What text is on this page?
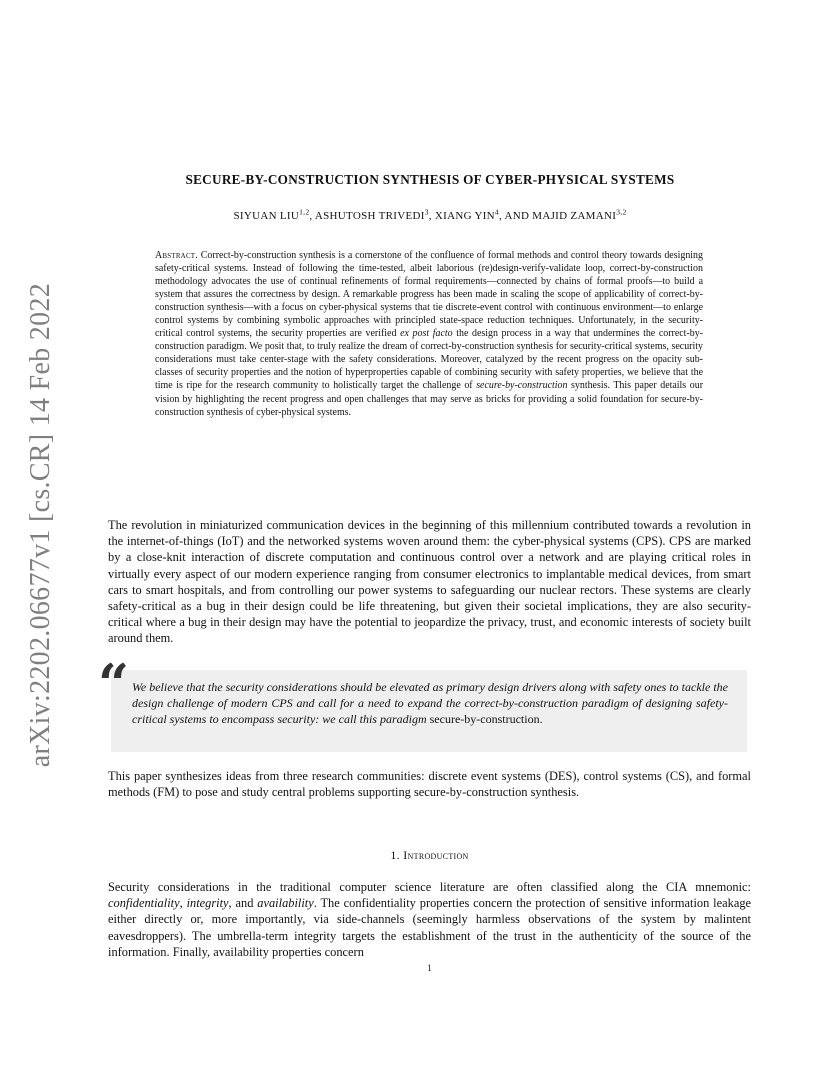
arXiv:2202.06677v1 [cs.CR] 14 Feb 2022
SECURE-BY-CONSTRUCTION SYNTHESIS OF CYBER-PHYSICAL SYSTEMS
SIYUAN LIU$^{1,2}$, ASHUTOSH TRIVEDI$^3$, XIANG YIN$^4$, AND MAJID ZAMANI$^{3,2}$
Abstract. Correct-by-construction synthesis is a cornerstone of the confluence of formal methods and control theory towards designing safety-critical systems. Instead of following the time-tested, albeit laborious (re)design-verify-validate loop, correct-by-construction methodology advocates the use of continual refinements of formal requirements—connected by chains of formal proofs—to build a system that assures the correctness by design. A remarkable progress has been made in scaling the scope of applicability of correct-by-construction synthesis—with a focus on cyber-physical systems that tie discrete-event control with continuous environment—to enlarge control systems by combining symbolic approaches with principled state-space reduction techniques. Unfortunately, in the security-critical control systems, the security properties are verified ex post facto the design process in a way that undermines the correct-by-construction paradigm. We posit that, to truly realize the dream of correct-by-construction synthesis for security-critical systems, security considerations must take center-stage with the safety considerations. Moreover, catalyzed by the recent progress on the opacity sub-classes of security properties and the notion of hyperproperties capable of combining security with safety properties, we believe that the time is ripe for the research community to holistically target the challenge of secure-by-construction synthesis. This paper details our vision by highlighting the recent progress and open challenges that may serve as bricks for providing a solid foundation for secure-by-construction synthesis of cyber-physical systems.
The revolution in miniaturized communication devices in the beginning of this millennium contributed towards a revolution in the internet-of-things (IoT) and the networked systems woven around them: the cyber-physical systems (CPS). CPS are marked by a close-knit interaction of discrete computation and continuous control over a network and are playing critical roles in virtually every aspect of our modern experience ranging from consumer electronics to implantable medical devices, from smart cars to smart hospitals, and from controlling our power systems to safeguarding our nuclear rectors. These systems are clearly safety-critical as a bug in their design could be life threatening, but given their societal implications, they are also security-critical where a bug in their design may have the potential to jeopardize the privacy, trust, and economic interests of society built around them.
“ We believe that the security considerations should be elevated as primary design drivers along with safety ones to tackle the design challenge of modern CPS and call for a need to expand the correct-by-construction paradigm of designing safety-critical systems to encompass security: we call this paradigm secure-by-construction.
This paper synthesizes ideas from three research communities: discrete event systems (DES), control systems (CS), and formal methods (FM) to pose and study central problems supporting secure-by-construction synthesis.
1. Introduction
Security considerations in the traditional computer science literature are often classified along the CIA mnemonic: confidentiality, integrity, and availability. The confidentiality properties concern the protection of sensitive information leakage either directly or, more importantly, via side-channels (seemingly harmless observations of the system by malintent eavesdroppers). The umbrella-term integrity targets the establishment of the trust in the authenticity of the source of the information. Finally, availability properties concern
1
